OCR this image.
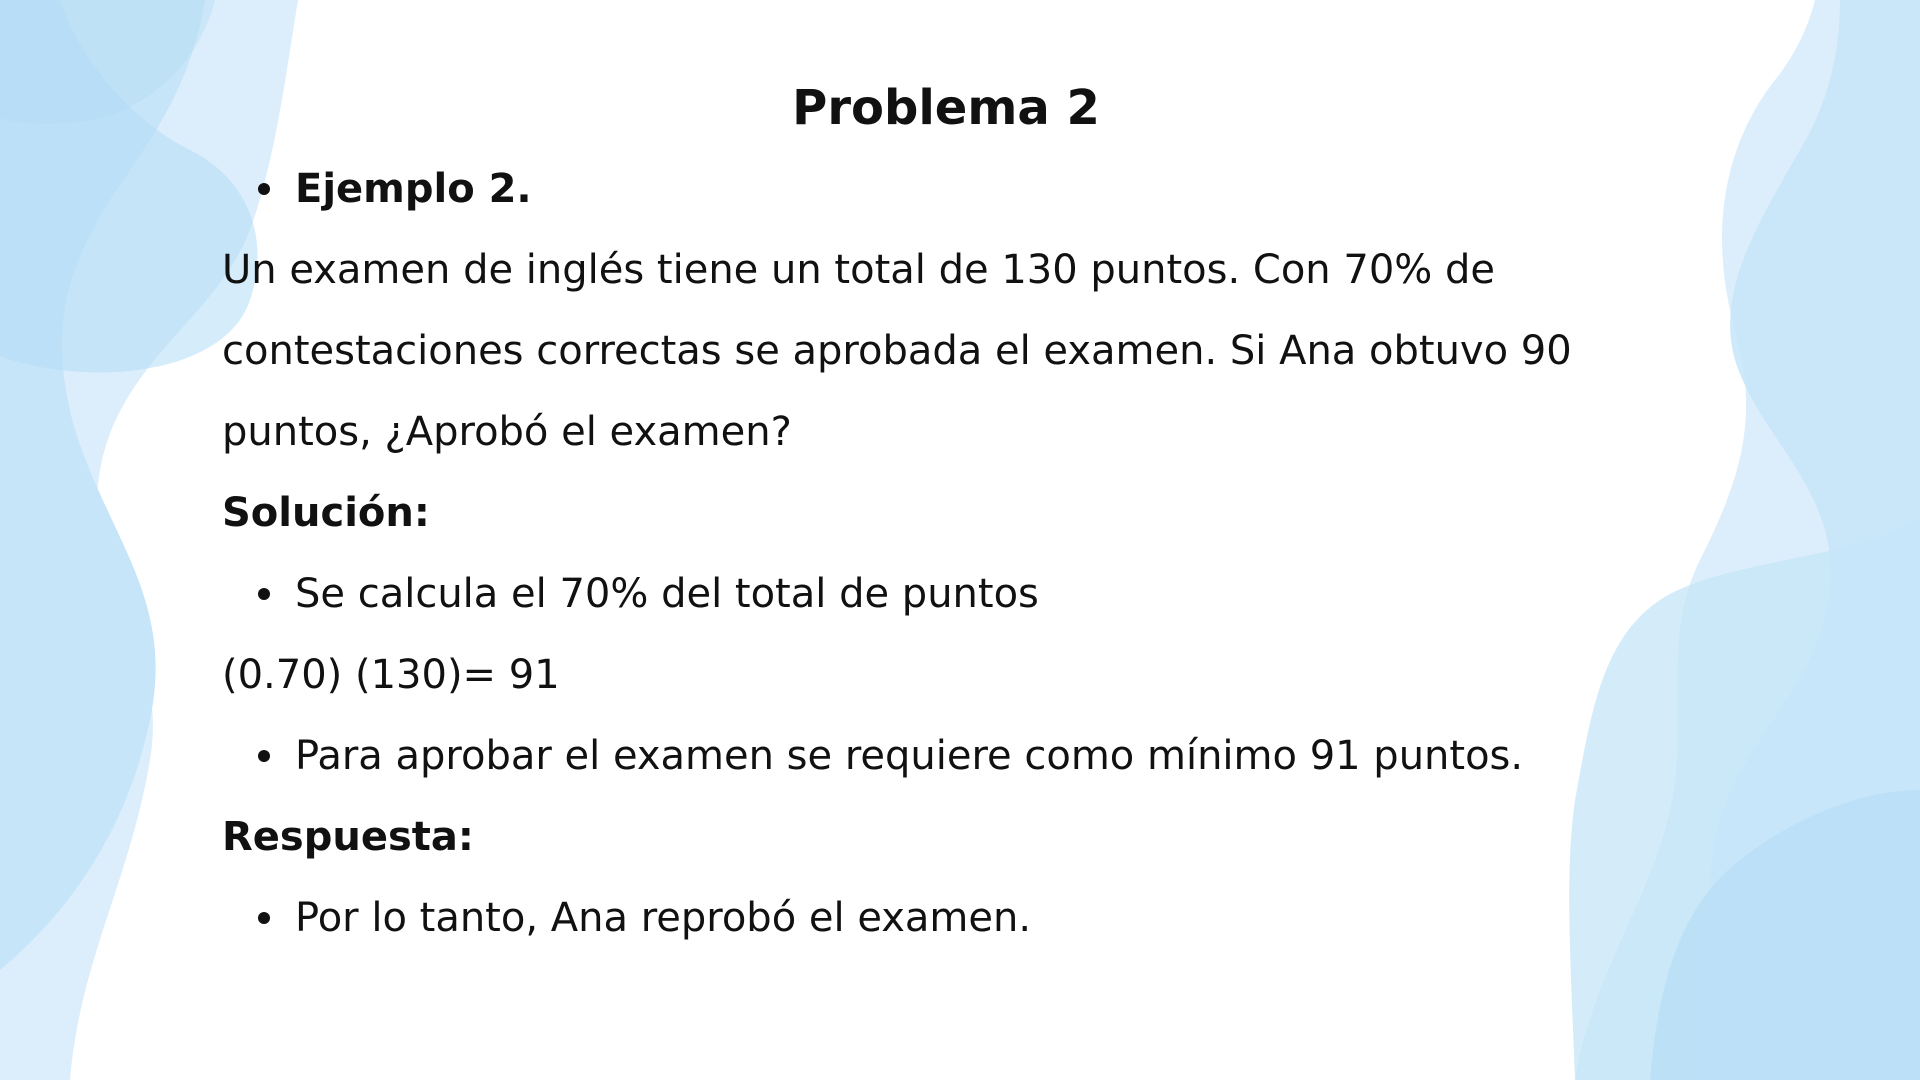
Problema 2
Ejemplo 2.
Un examen de inglés tiene un total de 130 puntos. Con 70% de
contestaciones correctas se aprobada el examen. Si Ana obtuvo 90
puntos, ¿Aprobó el examen?
Solución:
Se calcula el 70% del total de puntos
(0.70) (130)= 91
Para aprobar el examen se requiere como mínimo 91 puntos.
Respuesta:
Por lo tanto, Ana reprobó el examen.
